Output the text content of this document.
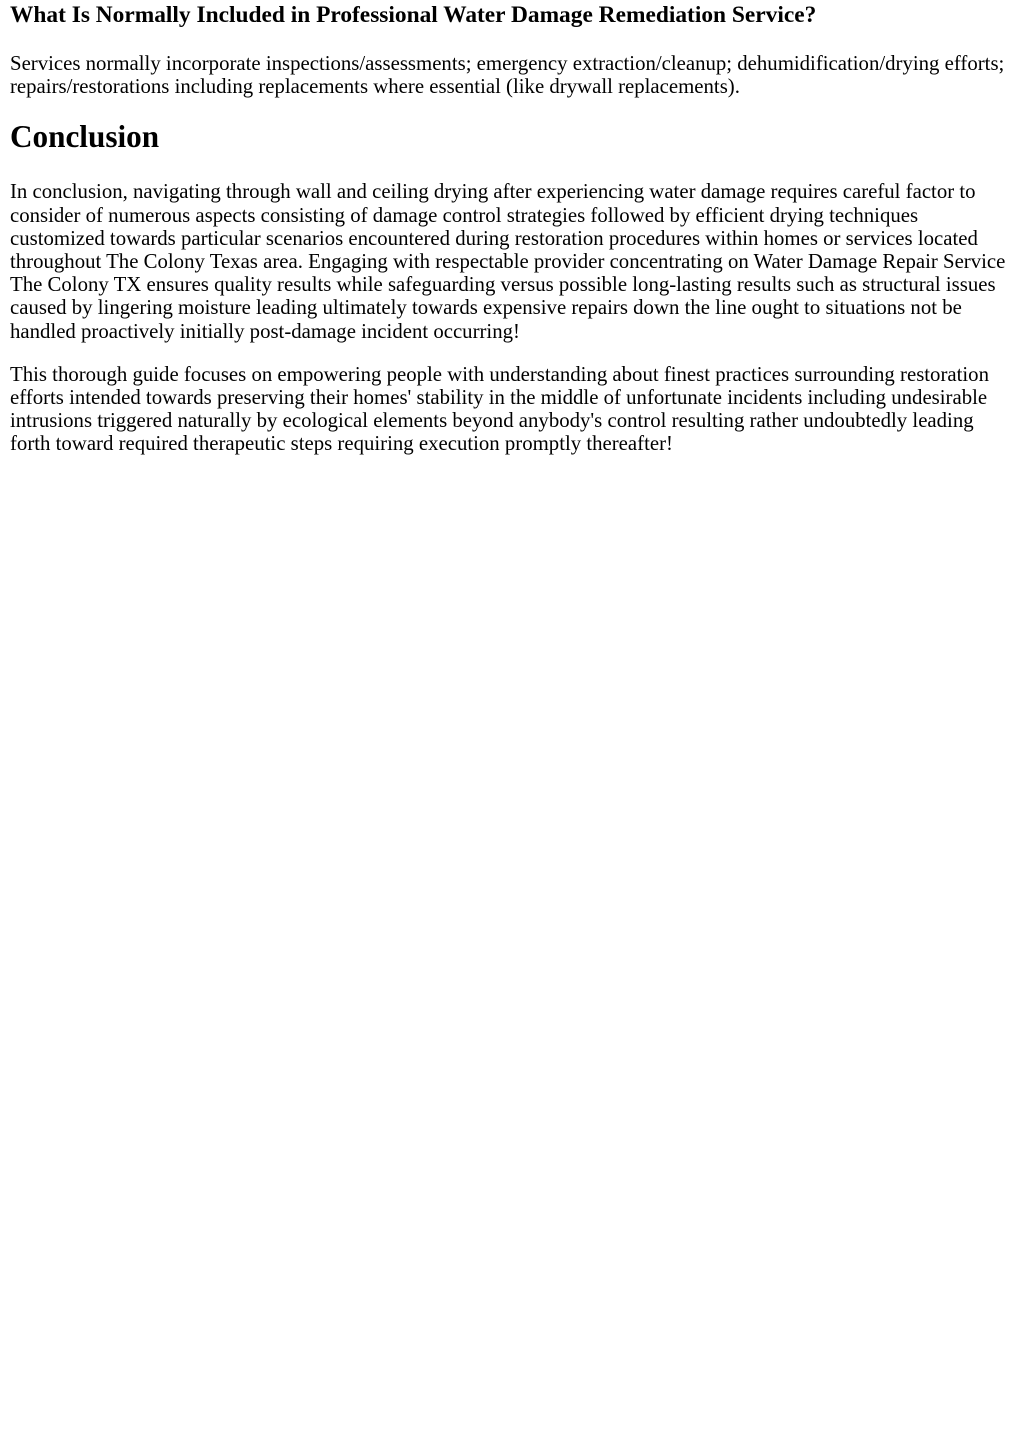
What Is Normally Included in Professional Water Damage Remediation Service?

Services normally incorporate inspections/assessments; emergency extraction/cleanup; dehumidification/drying efforts; repairs/restorations including replacements where essential (like drywall replacements).

Conclusion

In conclusion, navigating through wall and ceiling drying after experiencing water damage requires careful factor to consider of numerous aspects consisting of damage control strategies followed by efficient drying techniques customized towards particular scenarios encountered during restoration procedures within homes or services located throughout The Colony Texas area. Engaging with respectable provider concentrating on Water Damage Repair Service The Colony TX ensures quality results while safeguarding versus possible long-lasting results such as structural issues caused by lingering moisture leading ultimately towards expensive repairs down the line ought to situations not be handled proactively initially post-damage incident occurring!

This thorough guide focuses on empowering people with understanding about finest practices surrounding restoration efforts intended towards preserving their homes' stability in the middle of unfortunate incidents including undesirable intrusions triggered naturally by ecological elements beyond anybody's control resulting rather undoubtedly leading forth toward required therapeutic steps requiring execution promptly thereafter!
